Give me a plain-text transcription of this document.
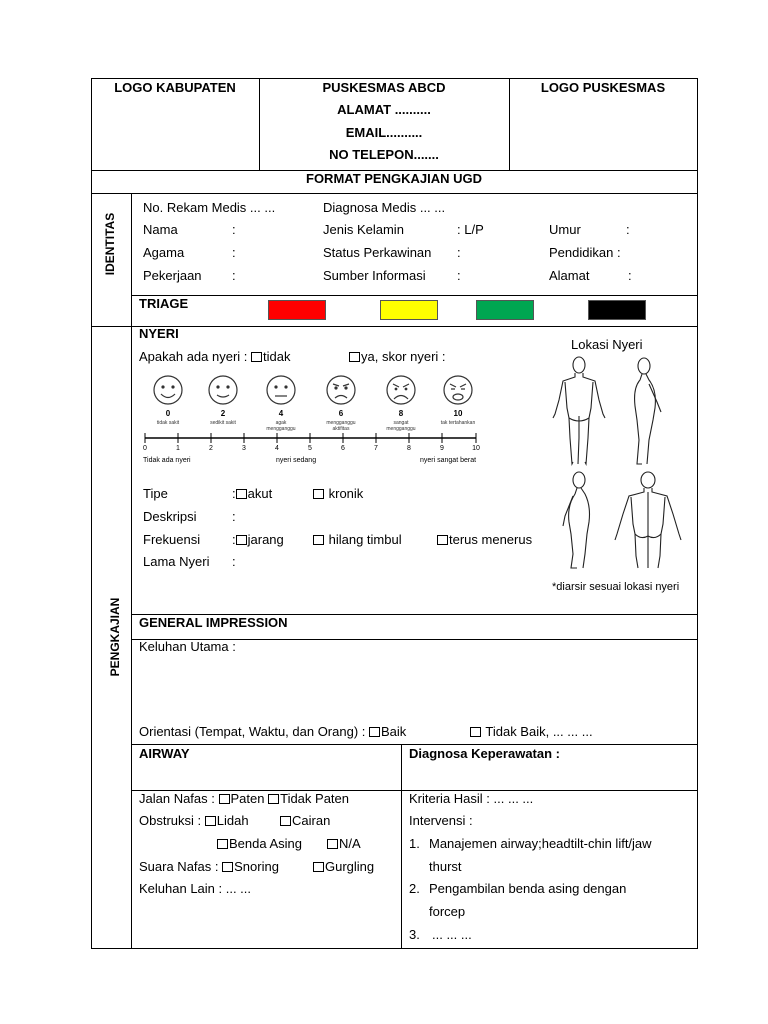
LOGO KABUPATEN	PUSKESMAS ABCD
ALAMAT ..........
EMAIL..........
NO TELEPON.......
LOGO PUSKESMAS
FORMAT PENGKAJIAN UGD
IDENTITAS
No. Rekam Medis ... ...	Diagnosa Medis ... ...
Nama	:	Jenis Kelamin	: L/P	Umur	:
Agama	:	Status Perkawinan :	Pendidikan :
Pekerjaan :	Sumber Informasi :	Alamat	:
TRIAGE
PENGKAJIAN
NYERI
Apakah ada nyeri : tidak	ya, skor nyeri :
0	2	4	6	8	10
tidak sakit	sedikit sakit	agak mengganggu
mengganggu aktifitas
sangat mengganggu
tak tertahankan
0	1	2	3	4	5	6	7	8	9	10
Tidak ada nyeri	nyeri sedang	nyeri sangat berat
Tipe	: akut	kronik
Deskripsi	:
Frekuensi : jarang	hilang timbul	terus menerus
Lama Nyeri :
Lokasi Nyeri
*diarsir sesuai lokasi nyeri
GENERAL IMPRESSION
Keluhan Utama :
Orientasi (Tempat, Waktu, dan Orang) : Baik	Tidak Baik, ... ... ...
AIRWAY
Jalan Nafas : Paten Tidak Paten
Obstruksi : Lidah	Cairan
Benda Asing	N/A
Suara Nafas : Snoring	Gurgling
Keluhan Lain : ... ...
Diagnosa Keperawatan :
Kriteria Hasil : ... ... ...
Intervensi :
1. Manajemen airway;headtilt-chin lift/jaw
thurst
2. Pengambilan benda asing dengan
forcep
3. ... ... ...
